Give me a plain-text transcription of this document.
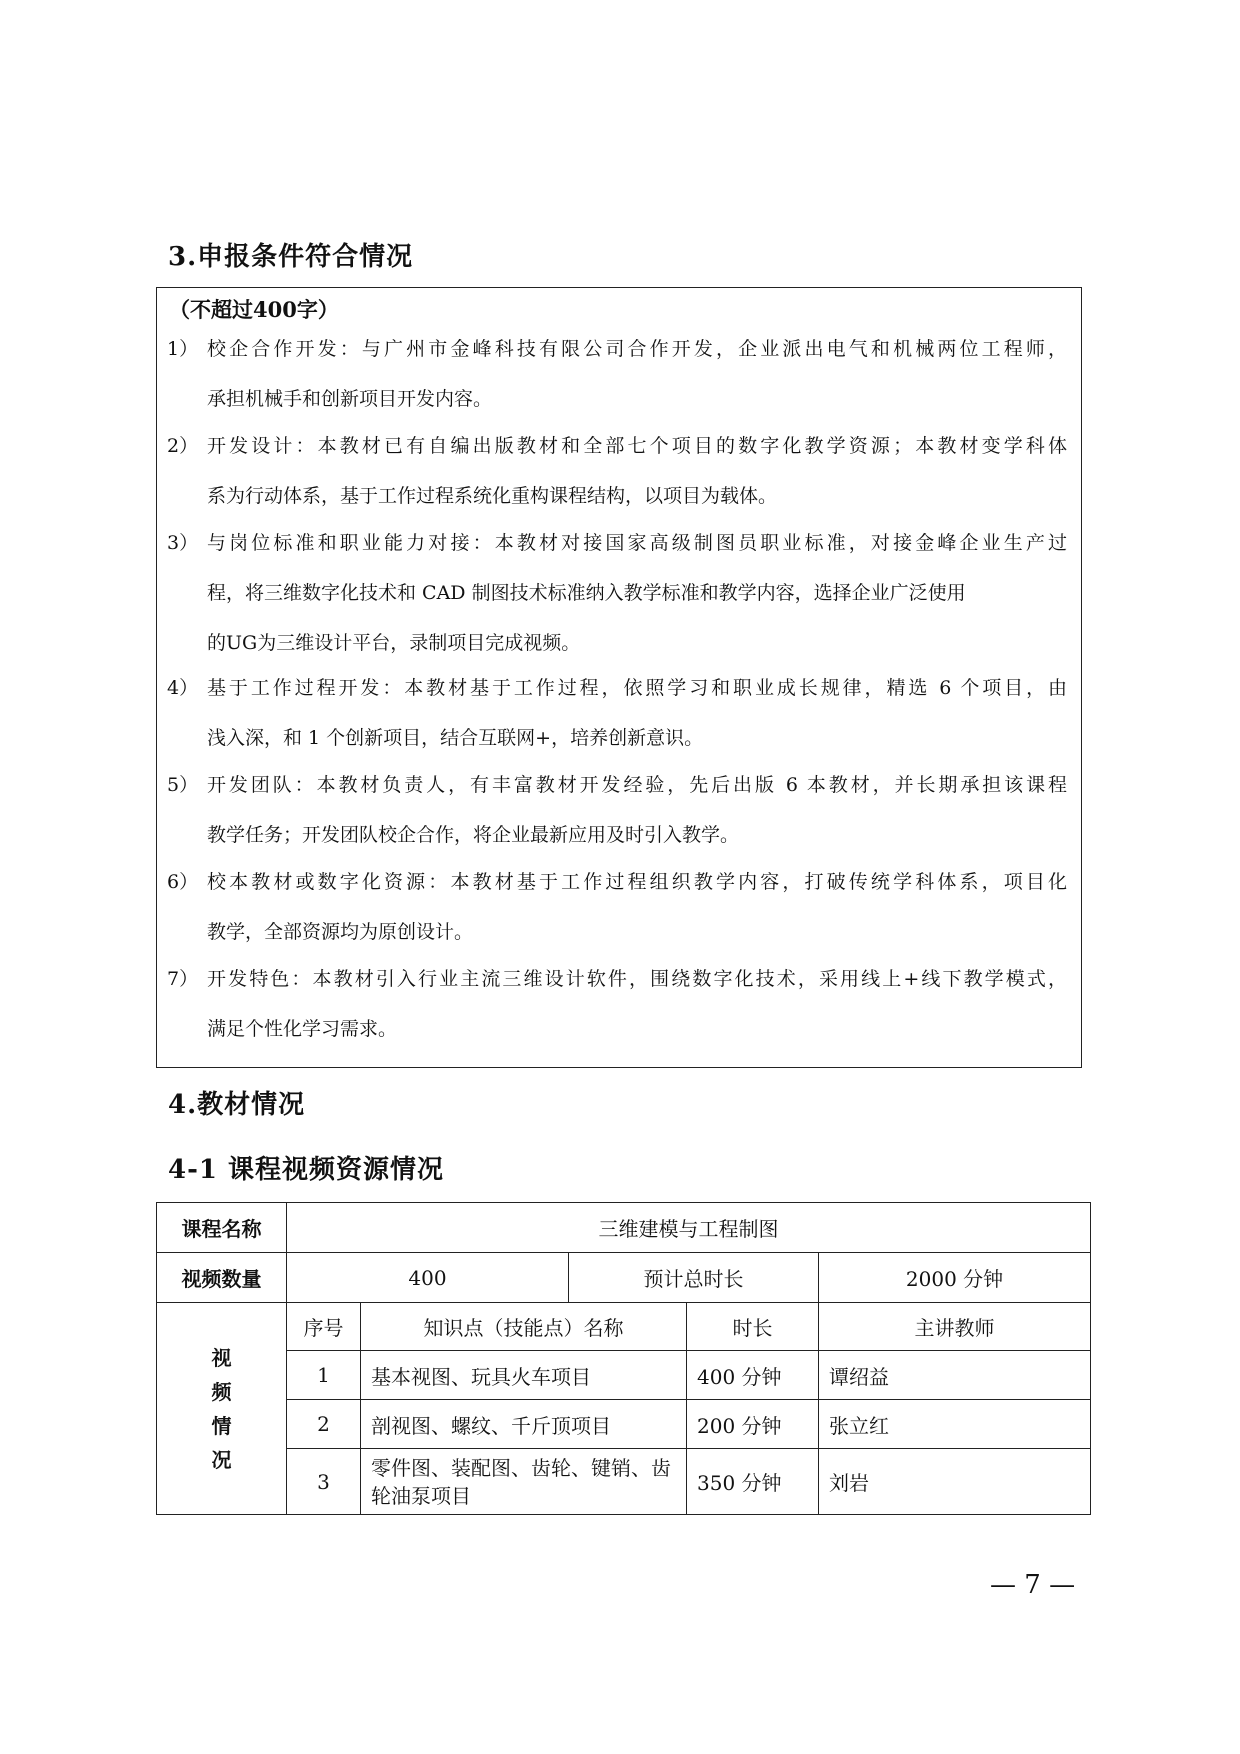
3.申报条件符合情况
（不超过400字）
1） 校企合作开发：与广州市金峰科技有限公司合作开发，企业派出电气和机械两位工程师，
承担机械手和创新项目开发内容。
2） 开发设计：本教材已有自编出版教材和全部七个项目的数字化教学资源；本教材变学科体
系为行动体系，基于工作过程系统化重构课程结构，以项目为载体。
3） 与岗位标准和职业能力对接：本教材对接国家高级制图员职业标准，对接金峰企业生产过
程，将三维数字化技术和 CAD 制图技术标准纳入教学标准和教学内容，选择企业广泛使用
的UG为三维设计平台，录制项目完成视频。
4） 基于工作过程开发：本教材基于工作过程，依照学习和职业成长规律，精选 6 个项目，由
浅入深，和 1 个创新项目，结合互联网+，培养创新意识。
5） 开发团队：本教材负责人，有丰富教材开发经验，先后出版 6 本教材，并长期承担该课程
教学任务；开发团队校企合作，将企业最新应用及时引入教学。
6） 校本教材或数字化资源：本教材基于工作过程组织教学内容，打破传统学科体系，项目化
教学，全部资源均为原创设计。
7） 开发特色：本教材引入行业主流三维设计软件，围绕数字化技术，采用线上+线下教学模式，
满足个性化学习需求。
4.教材情况
4-1 课程视频资源情况
课程名称	三维建模与工程制图				
视频数量	400		预计总时长		2000 分钟

视
频
情
况	序号	知识点（技能点）名称		时长	主讲教师
	1	基本视图、玩具火车项目		400 分钟	谭绍益
	2	剖视图、螺纹、千斤顶项目		200 分钟	张立红
	3	零件图、装配图、齿轮、键销、齿轮油泵项目		350 分钟	刘岩
— 7 —
